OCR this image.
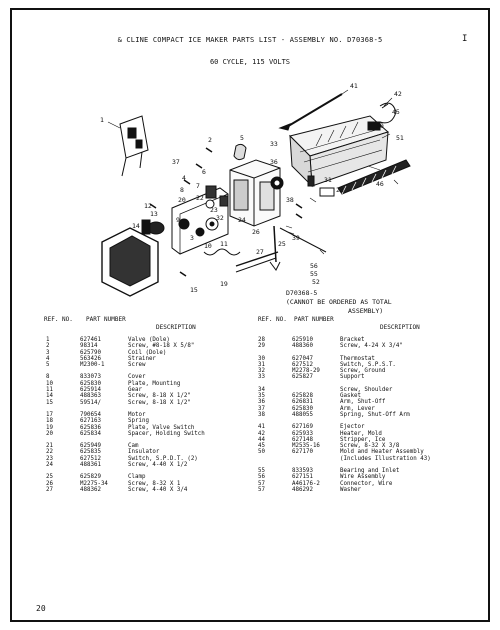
& CLINE COMPACT ICE MAKER PARTS LIST - ASSEMBLY NO. D70368-5
60 CYCLE, 115 VOLTS
I
41
42
1
45
30
51
2	5
33
36
37
4
6
7	28
8
20 22
24
38
23
32
9
26
39
12
14
13
3
10 11
46
31
27
25
56
55
19
15
52
D70368-5
(CANNOT BE ORDERED AS TOTAL
ASSEMBLY)
REF. NO. PART NUMBER
DESCRIPTION
REF. NO. PART NUMBER
DESCRIPTION
1	627461	Valve (Dole)
2	98314	Screw, #8-18 X 5/8"
3	625790	Coil (Dole)
4	563426	Strainer
5	M2300-1	Screw

8	833073	Cover
10	625830	Plate, Mounting
11	625914	Gear
14	488363	Screw, 8-18 X 1/2"
15	59514/	Screw, 8-18 X 1/2"

17	790654	Motor
18	627163	Spring
19	625836	Plate, Valve Switch
20	625834	Spacer, Holding Switch

21	625949	Cam
22	625835	Insulator
23	627512	Switch, S.P.D.T. (2)
24	488361	Screw, 4-40 X 1/2

25	625829	Clamp
26	M2275-34	Screw, 8-32 X 1
27	488362	Screw, 4-40 X 3/4
28	625910	Bracket
29	488360	Screw, 4-24 X 3/4"

30	627047	Thermostat
31	627512	Switch, S.P.S.T.
32	M2278-29	Screw, Ground
33	625827	Support

34		Screw, Shoulder
35	625828	Gasket
36	626831	Arm, Shut-Off
37	625830	Arm, Lever
38	488055	Spring, Shut-Off Arm

41	627169	Ejector
42	625933	Heater, Mold
44	627148	Stripper, Ice
45	M2535-16	Screw, 8-32 X 3/8
50	627170	Mold and Heater Assembly
		(Includes Illustration 43)

55	833593	Bearing and Inlet
56	627151	Wire Assembly
57	A46176-2	Connector, Wire
57	486292	Washer
20
